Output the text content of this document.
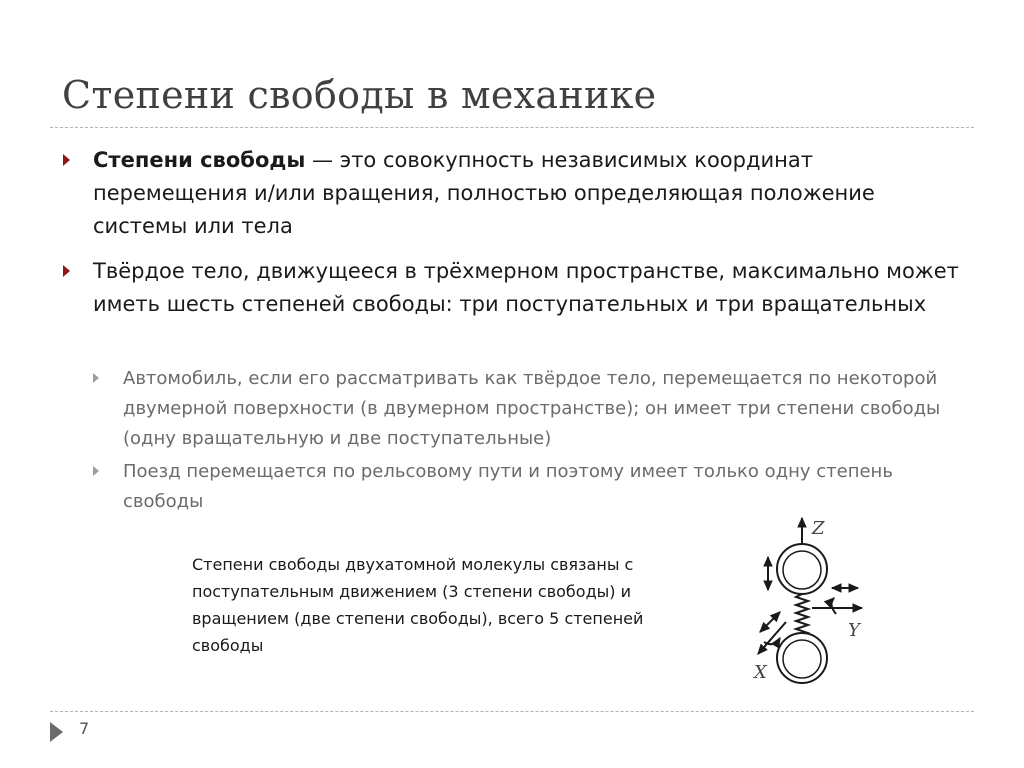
Степени свободы в механике

Степени свободы — это совокупность независимых координат перемещения и/или вращения, полностью определяющая положение системы или тела

Твёрдое тело, движущееся в трёхмерном пространстве, максимально может иметь шесть степеней свободы: три поступательных и три вращательных

Автомобиль, если его рассматривать как твёрдое тело, перемещается по некоторой двумерной поверхности (в двумерном пространстве); он имеет три степени свободы (одну вращательную и две поступательные)

Поезд перемещается по рельсовому пути и поэтому имеет только одну степень свободы

Степени свободы двухатомной молекулы связаны с поступательным движением (3 степени свободы) и вращением (две степени свободы), всего 5 степеней свободы

Z
Y
X
7
